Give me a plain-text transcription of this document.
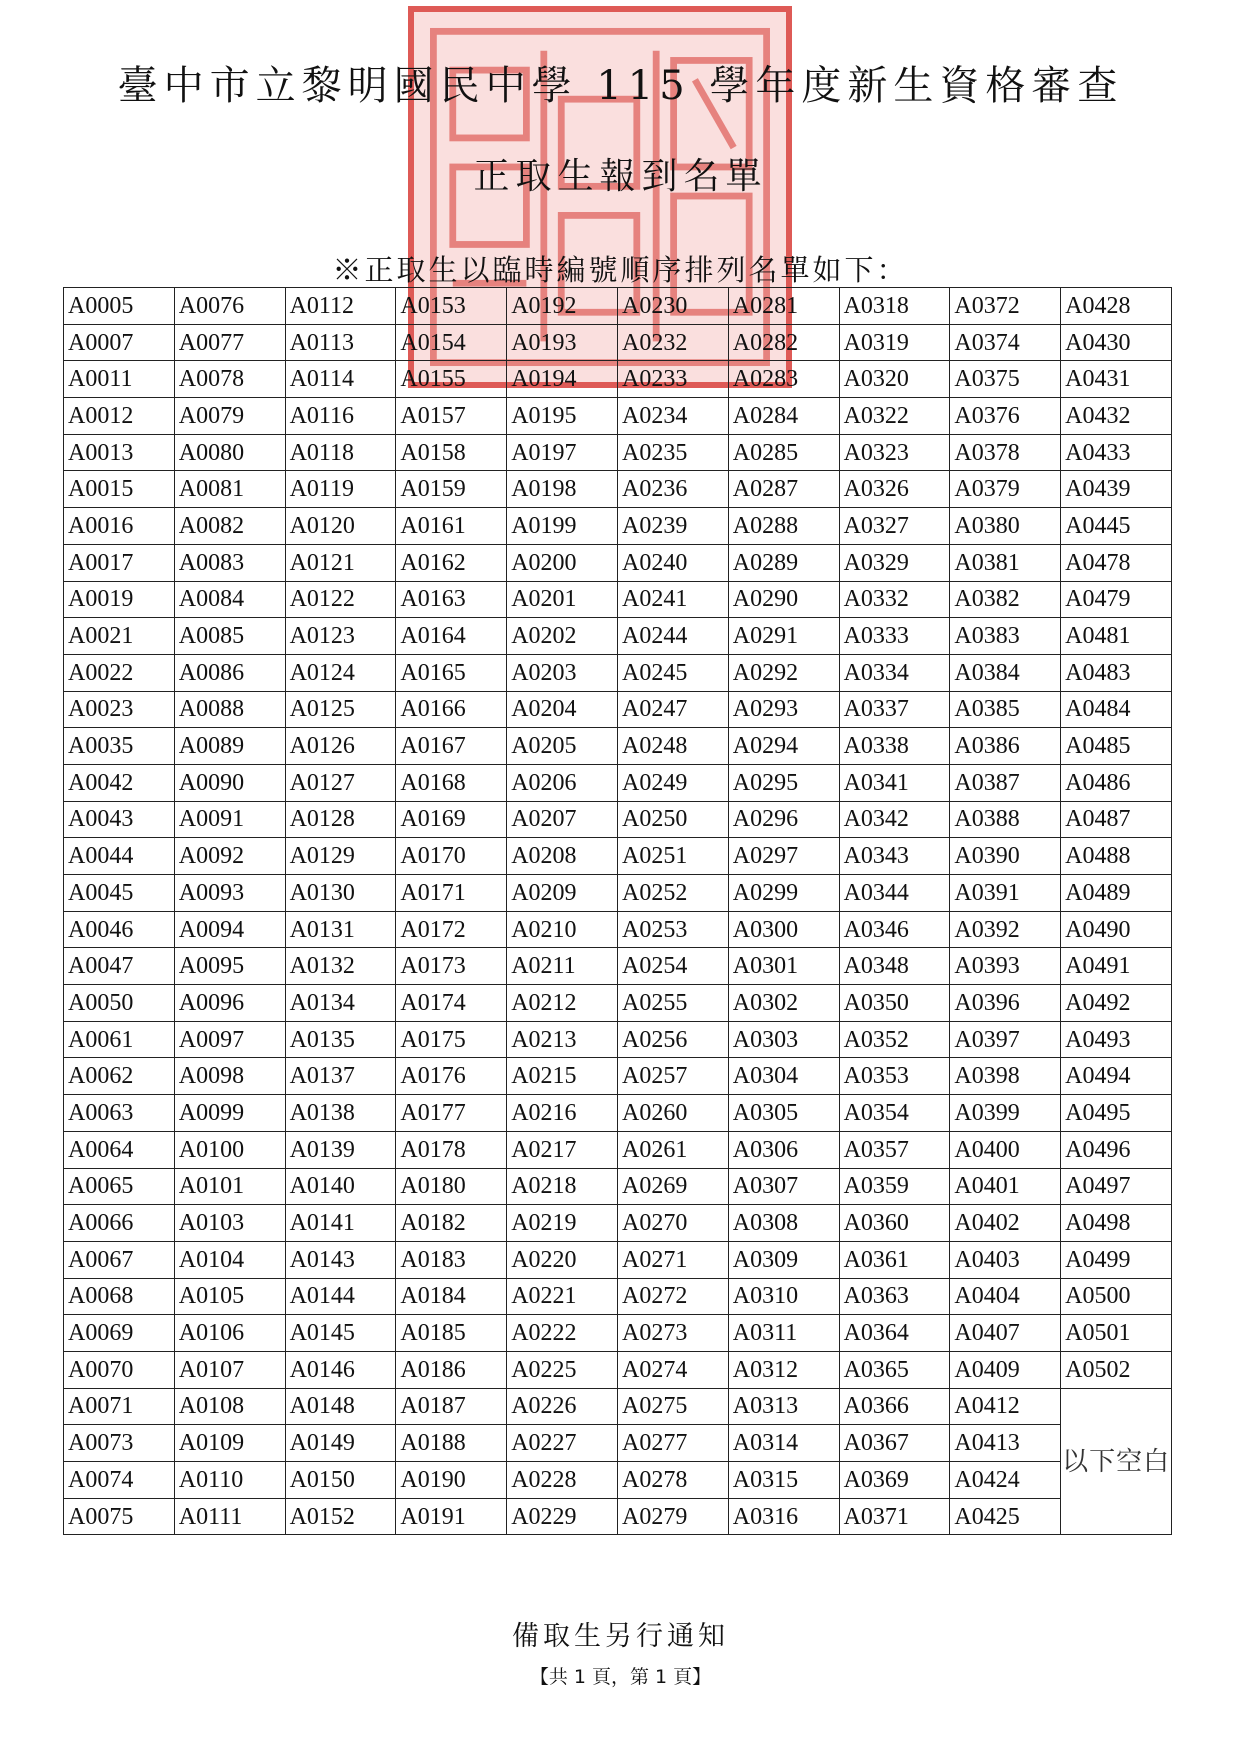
臺中市立黎明國民中學 115 學年度新生資格審查
正取生報到名單

※正取生以臨時編號順序排列名單如下：

A0005	A0076	A0112	A0153	A0192	A0230	A0281	A0318	A0372	A0428
A0007	A0077	A0113	A0154	A0193	A0232	A0282	A0319	A0374	A0430
A0011	A0078	A0114	A0155	A0194	A0233	A0283	A0320	A0375	A0431
A0012	A0079	A0116	A0157	A0195	A0234	A0284	A0322	A0376	A0432
A0013	A0080	A0118	A0158	A0197	A0235	A0285	A0323	A0378	A0433
A0015	A0081	A0119	A0159	A0198	A0236	A0287	A0326	A0379	A0439
A0016	A0082	A0120	A0161	A0199	A0239	A0288	A0327	A0380	A0445
A0017	A0083	A0121	A0162	A0200	A0240	A0289	A0329	A0381	A0478
A0019	A0084	A0122	A0163	A0201	A0241	A0290	A0332	A0382	A0479
A0021	A0085	A0123	A0164	A0202	A0244	A0291	A0333	A0383	A0481
A0022	A0086	A0124	A0165	A0203	A0245	A0292	A0334	A0384	A0483
A0023	A0088	A0125	A0166	A0204	A0247	A0293	A0337	A0385	A0484
A0035	A0089	A0126	A0167	A0205	A0248	A0294	A0338	A0386	A0485
A0042	A0090	A0127	A0168	A0206	A0249	A0295	A0341	A0387	A0486
A0043	A0091	A0128	A0169	A0207	A0250	A0296	A0342	A0388	A0487
A0044	A0092	A0129	A0170	A0208	A0251	A0297	A0343	A0390	A0488
A0045	A0093	A0130	A0171	A0209	A0252	A0299	A0344	A0391	A0489
A0046	A0094	A0131	A0172	A0210	A0253	A0300	A0346	A0392	A0490
A0047	A0095	A0132	A0173	A0211	A0254	A0301	A0348	A0393	A0491
A0050	A0096	A0134	A0174	A0212	A0255	A0302	A0350	A0396	A0492
A0061	A0097	A0135	A0175	A0213	A0256	A0303	A0352	A0397	A0493
A0062	A0098	A0137	A0176	A0215	A0257	A0304	A0353	A0398	A0494
A0063	A0099	A0138	A0177	A0216	A0260	A0305	A0354	A0399	A0495
A0064	A0100	A0139	A0178	A0217	A0261	A0306	A0357	A0400	A0496
A0065	A0101	A0140	A0180	A0218	A0269	A0307	A0359	A0401	A0497
A0066	A0103	A0141	A0182	A0219	A0270	A0308	A0360	A0402	A0498
A0067	A0104	A0143	A0183	A0220	A0271	A0309	A0361	A0403	A0499
A0068	A0105	A0144	A0184	A0221	A0272	A0310	A0363	A0404	A0500
A0069	A0106	A0145	A0185	A0222	A0273	A0311	A0364	A0407	A0501
A0070	A0107	A0146	A0186	A0225	A0274	A0312	A0365	A0409	A0502
A0071	A0108	A0148	A0187	A0226	A0275	A0313	A0366	A0412	以下空白
A0073	A0109	A0149	A0188	A0227	A0277	A0314	A0367	A0413	
A0074	A0110	A0150	A0190	A0228	A0278	A0315	A0369	A0424	
A0075	A0111	A0152	A0191	A0229	A0279	A0316	A0371	A0425	

備取生另行通知

【共 1 頁，第 1 頁】
